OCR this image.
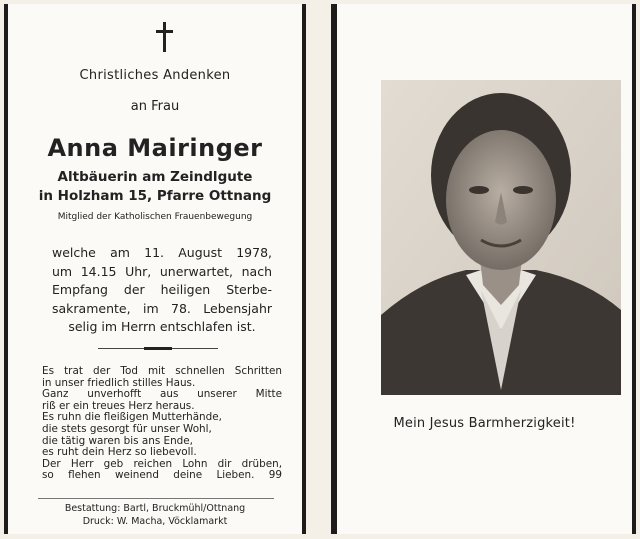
Christliches Andenken
an Frau
Anna Mairinger
Altbäuerin am Zeindlgute
in Holzham 15, Pfarre Ottnang
Mitglied der Katholischen Frauenbewegung
welche am 11. August 1978,
um 14.15 Uhr, unerwartet, nach
Empfang der heiligen Sterbe-
sakramente, im 78. Lebensjahr
selig im Herrn entschlafen ist.
Es trat der Tod mit schnellen Schritten
in unser friedlich stilles Haus.
Ganz unverhofft aus unserer Mitte
riß er ein treues Herz heraus.
Es ruhn die fleißigen Mutterhände,
die stets gesorgt für unser Wohl,
die tätig waren bis ans Ende,
es ruht dein Herz so liebevoll.
Der Herr geb reichen Lohn dir drüben,
so flehen weinend deine Lieben. 99
Bestattung: Bartl, Bruckmühl/Ottnang
Druck: W. Macha, Vöcklamarkt
Mein Jesus Barmherzigkeit!
